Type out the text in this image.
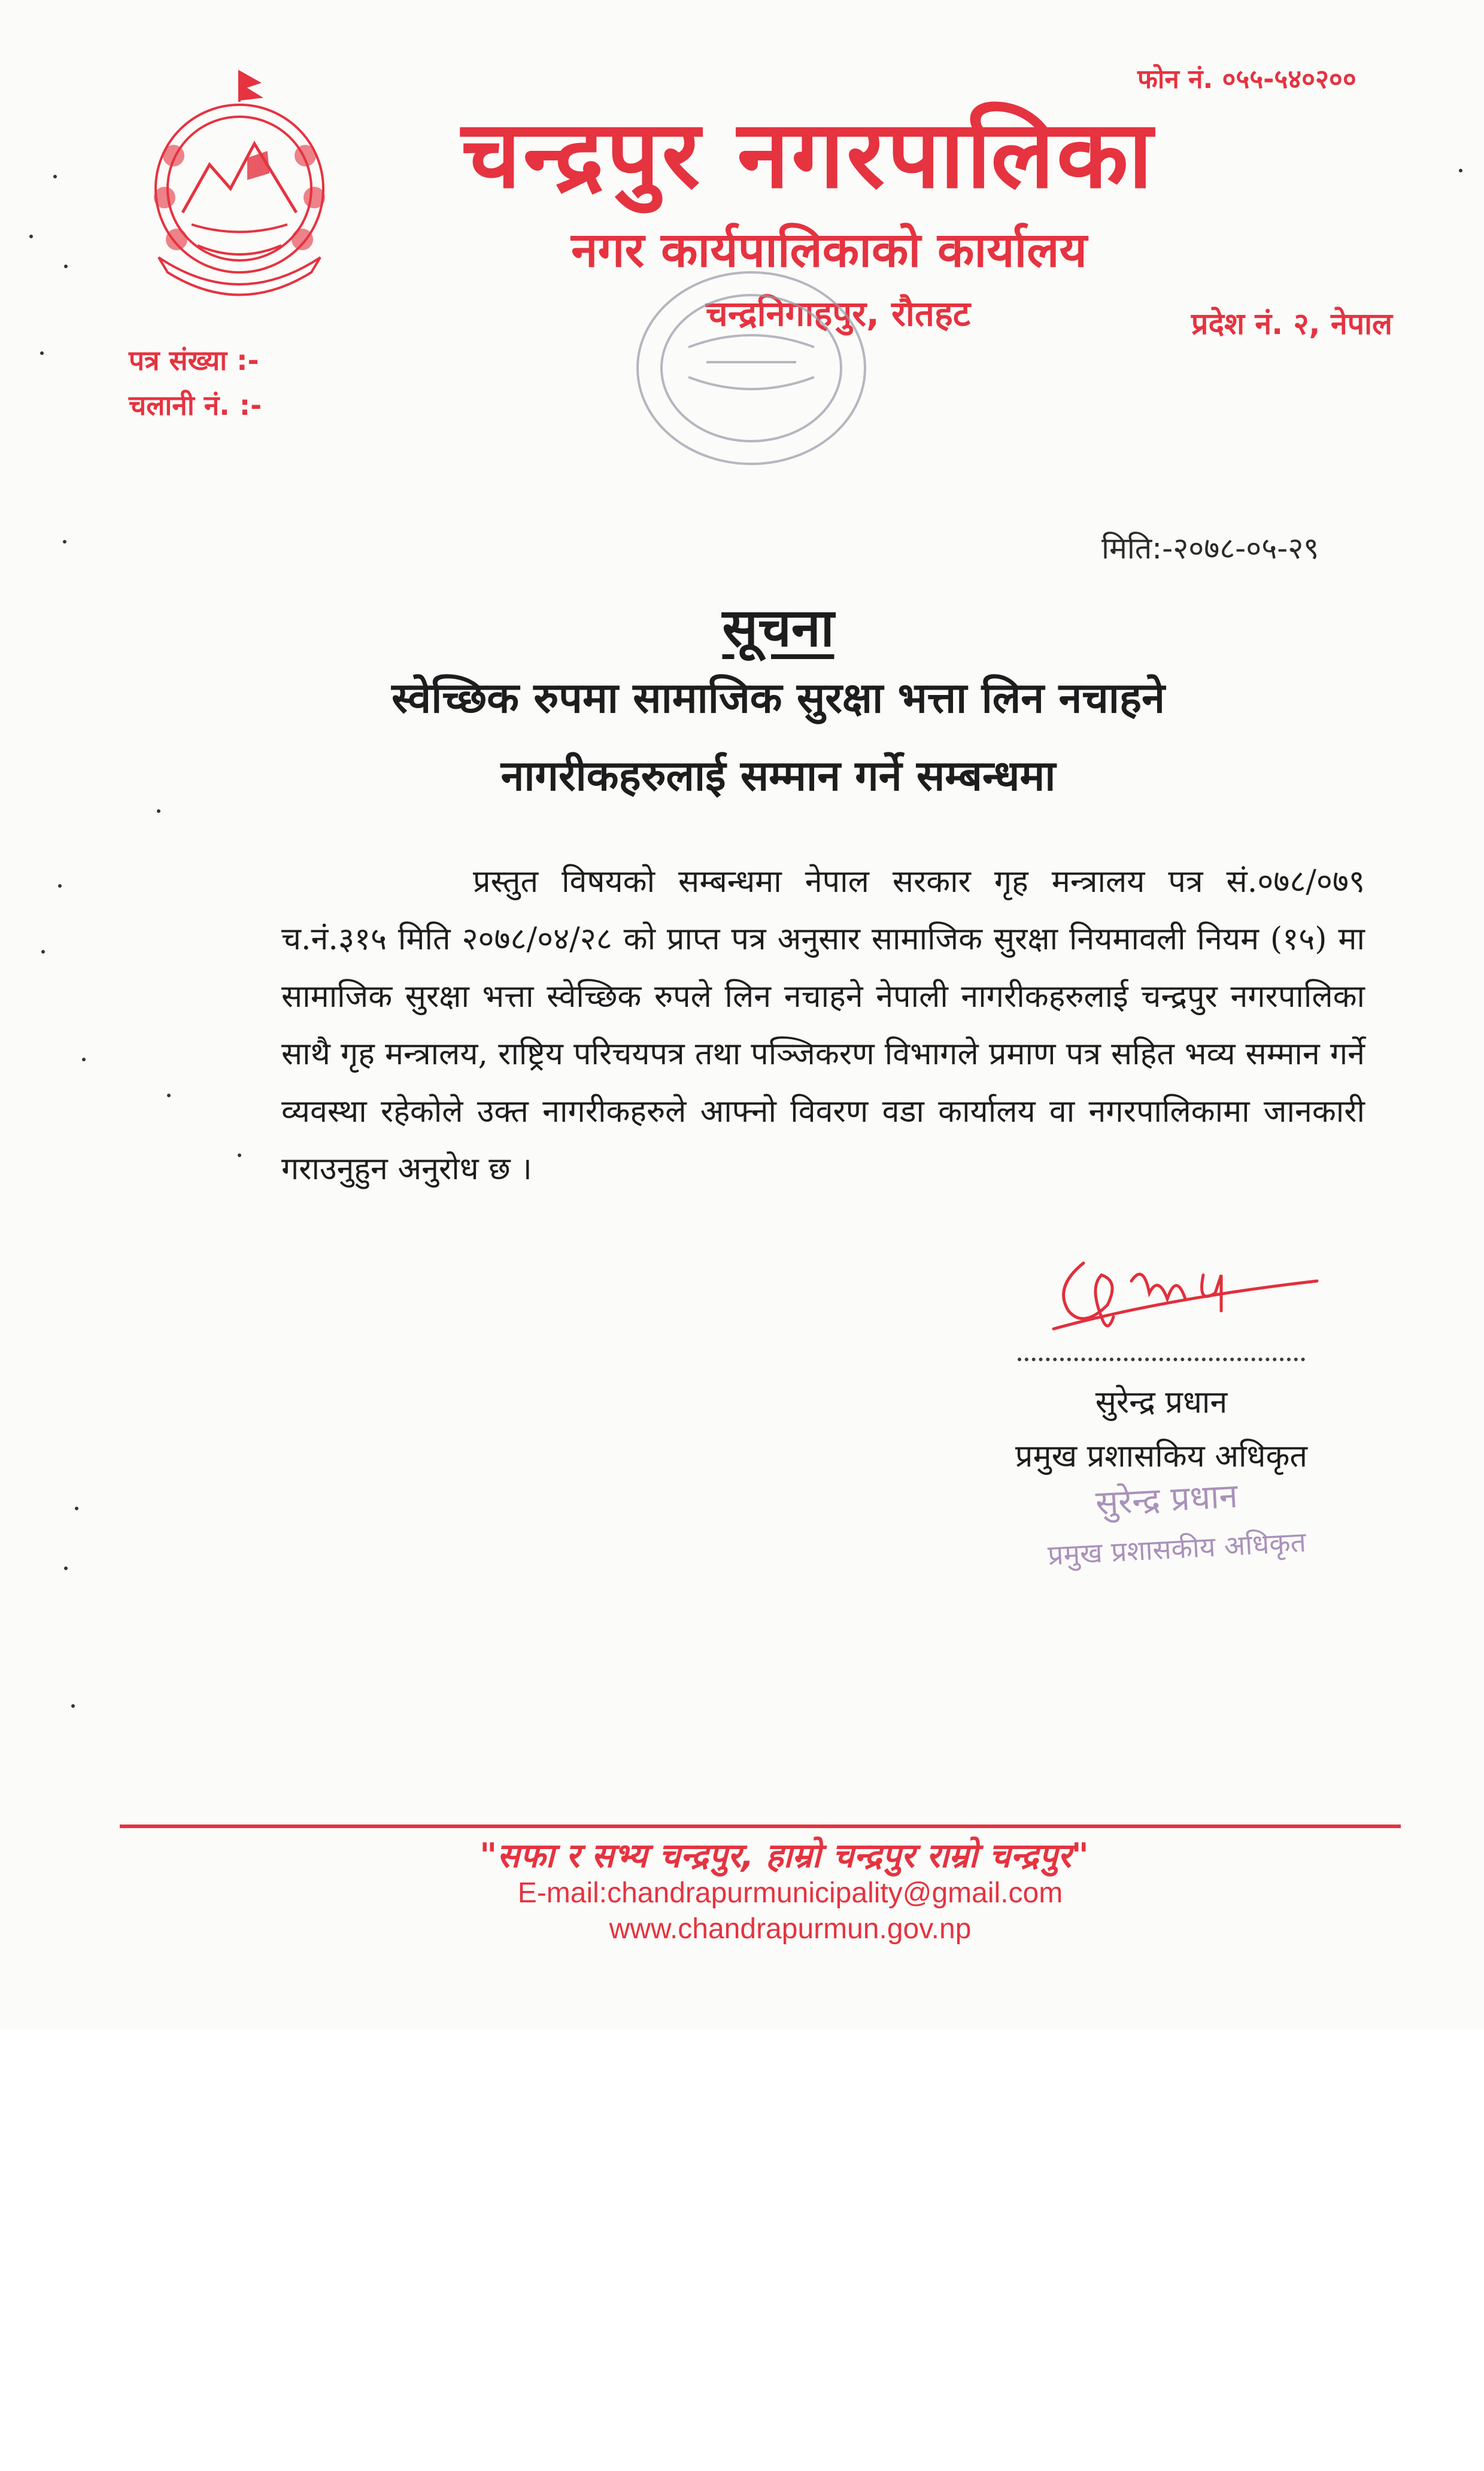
फोन नं. ०५५-५४०२००
चन्द्रपुर नगरपालिका
नगर कार्यपालिकाको कार्यालय
चन्द्रनिगाहपुर, रौतहट	प्रदेश नं. २, नेपाल
पत्र संख्या :-
चलानी नं. :-
मिति:-२०७८-०५-२९
सूचना
स्वेच्छिक रुपमा सामाजिक सुरक्षा भत्ता लिन नचाहने
नागरीकहरुलाई सम्मान गर्ने सम्बन्धमा
प्रस्तुत विषयको सम्बन्धमा नेपाल सरकार गृह मन्त्रालय पत्र सं.०७८/०७९ च.नं.३१५ मिति २०७८/०४/२८ को प्राप्त पत्र अनुसार सामाजिक सुरक्षा नियमावली नियम (१५) मा सामाजिक सुरक्षा भत्ता स्वेच्छिक रुपले लिन नचाहने नेपाली नागरीकहरुलाई चन्द्रपुर नगरपालिका साथै गृह मन्त्रालय, राष्ट्रिय परिचयपत्र तथा पञ्जिकरण विभागले प्रमाण पत्र सहित भव्य सम्मान गर्ने व्यवस्था रहेकोले उक्त नागरीकहरुले आफ्नो विवरण वडा कार्यालय वा नगरपालिकामा जानकारी गराउनुहुन अनुरोध छ ।
सुरेन्द्र प्रधान
प्रमुख प्रशासकिय अधिकृत
सुरेन्द्र प्रधान
प्रमुख प्रशासकीय अधिकृत
"सफा र सभ्य चन्द्रपुर, हाम्रो चन्द्रपुर राम्रो चन्द्रपुर"
E-mail:chandrapurmunicipality@gmail.com
www.chandrapurmun.gov.np
